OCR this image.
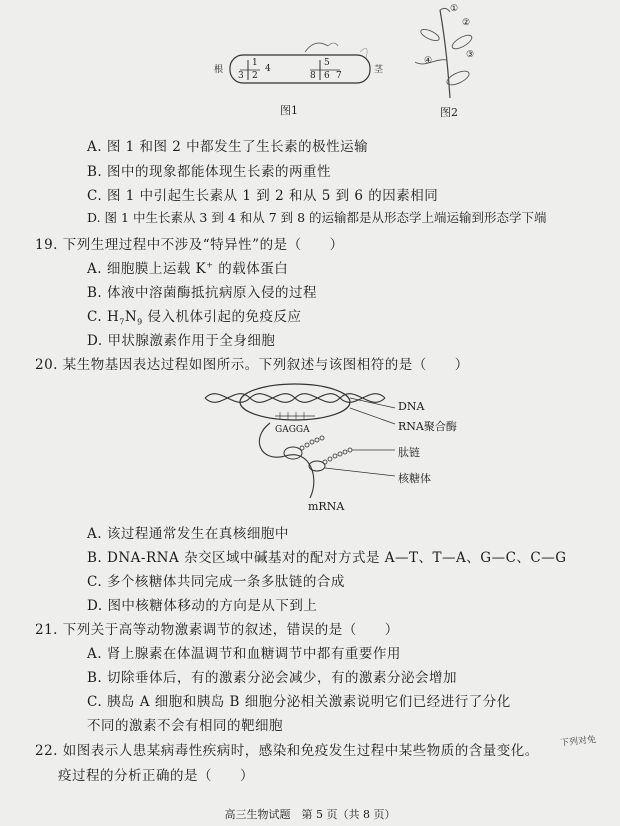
根	茎
1
2
3
4
5
6 7
8
图1
①
②
③
④
图2
A. 图 1 和图 2 中都发生了生长素的极性运输
B. 图中的现象都能体现生长素的两重性
C. 图 1 中引起生长素从 1 到 2 和从 5 到 6 的因素相同
D. 图 1 中生长素从 3 到 4 和从 7 到 8 的运输都是从形态学上端运输到形态学下端
19. 下列生理过程中不涉及“特异性”的是（　　）
A. 细胞膜上运载 K+ 的载体蛋白
B. 体液中溶菌酶抵抗病原入侵的过程
C. $H_7N_9$ 侵入机体引起的免疫反应
D. 甲状腺激素作用于全身细胞
20. 某生物基因表达过程如图所示。下列叙述与该图相符的是（　　）
GAGGA
DNA
RNA聚合酶
肽链
核糖体
mRNA
A. 该过程通常发生在真核细胞中
B. DNA-RNA 杂交区域中碱基对的配对方式是 A—T、T—A、G—C、C—G
C. 多个核糖体共同完成一条多肽链的合成
D. 图中核糖体移动的方向是从下到上
21. 下列关于高等动物激素调节的叙述，错误的是（　　）
A. 肾上腺素在体温调节和血糖调节中都有重要作用
B. 切除垂体后，有的激素分泌会减少，有的激素分泌会增加
C. 胰岛 A 细胞和胰岛 B 细胞分泌相关激素说明它们已经进行了分化
不同的激素不会有相同的靶细胞
22. 如图表示人患某病毒性疾病时，感染和免疫发生过程中某些物质的含量变化。
下列对免
疫过程的分析正确的是（　　）
高三生物试题　第 5 页（共 8 页）
